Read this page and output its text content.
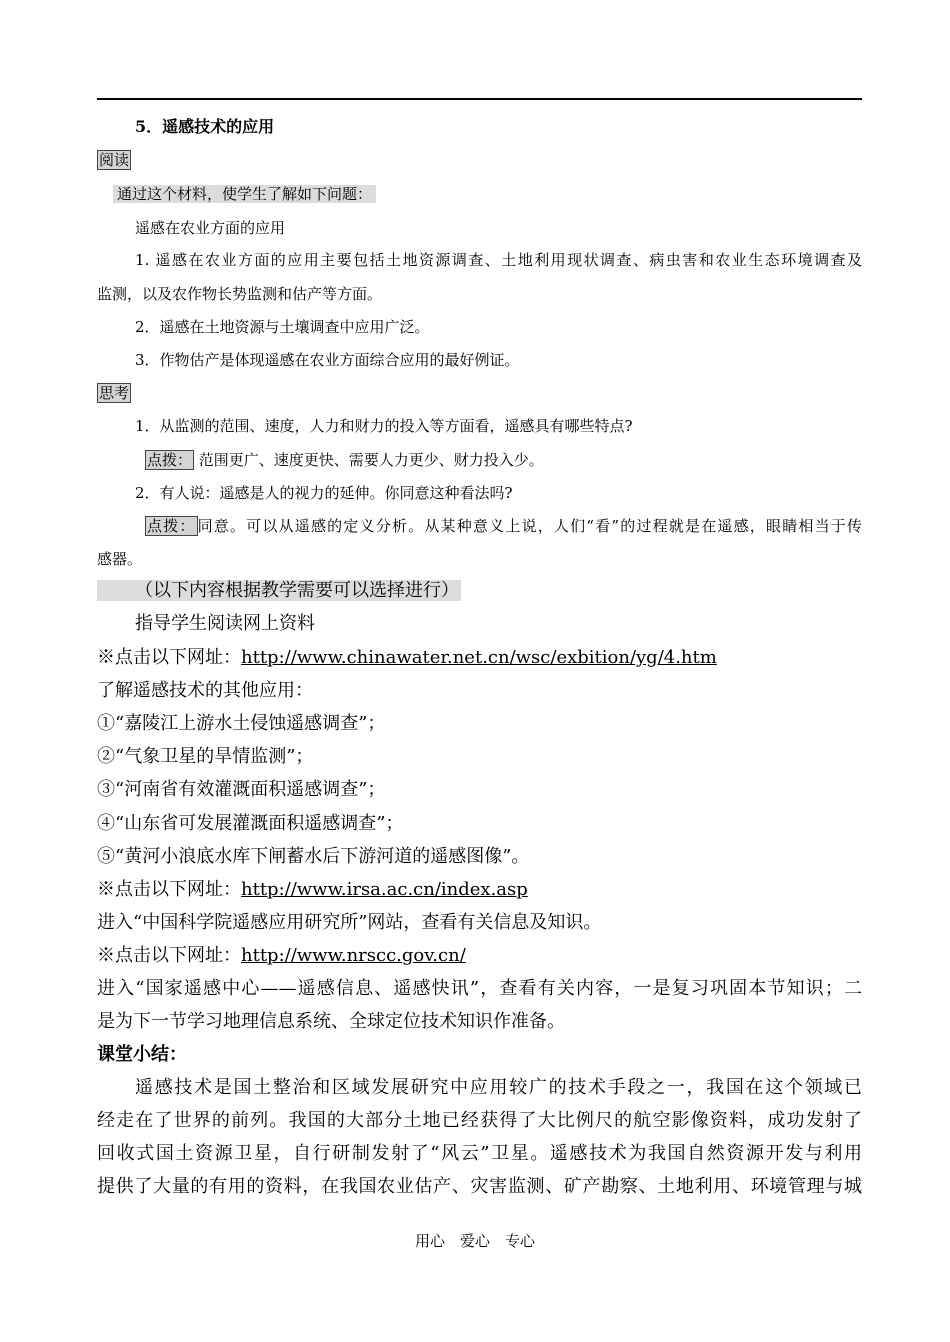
5．遥感技术的应用
阅读
通过这个材料，使学生了解如下问题：
遥感在农业方面的应用
1. 遥感在农业方面的应用主要包括土地资源调查、土地利用现状调查、病虫害和农业生态环境调查及
监测，以及农作物长势监测和估产等方面。
2．遥感在土地资源与土壤调查中应用广泛。
3．作物估产是体现遥感在农业方面综合应用的最好例证。
思考
1．从监测的范围、速度，人力和财力的投入等方面看，遥感具有哪些特点?
点拨： 范围更广、速度更快、需要人力更少、财力投入少。
2．有人说：遥感是人的视力的延伸。你同意这种看法吗?
点拨： 同意。可以从遥感的定义分析。从某种意义上说，人们“看”的过程就是在遥感，眼睛相当于传
感器。
（以下内容根据教学需要可以选择进行）
指导学生阅读网上资料
※点击以下网址：http://www.chinawater.net.cn/wsc/exbition/yg/4.htm
了解遥感技术的其他应用：
①“嘉陵江上游水土侵蚀遥感调查”；
②“气象卫星的旱情监测”；
③“河南省有效灌溉面积遥感调查”；
④“山东省可发展灌溉面积遥感调查”；
⑤“黄河小浪底水库下闸蓄水后下游河道的遥感图像”。
※点击以下网址：http://www.irsa.ac.cn/index.asp
进入“中国科学院遥感应用研究所”网站，查看有关信息及知识。
※点击以下网址：http://www.nrscc.gov.cn/
进入“国家遥感中心——遥感信息、遥感快讯”，查看有关内容，一是复习巩固本节知识；二
是为下一节学习地理信息系统、全球定位技术知识作准备。
课堂小结：
遥感技术是国土整治和区域发展研究中应用较广的技术手段之一，我国在这个领域已
经走在了世界的前列。我国的大部分土地已经获得了大比例尺的航空影像资料，成功发射了
回收式国土资源卫星，自行研制发射了“风云”卫星。遥感技术为我国自然资源开发与利用
提供了大量的有用的资料，在我国农业估产、灾害监测、矿产勘察、土地利用、环境管理与城
用心　爱心　专心
